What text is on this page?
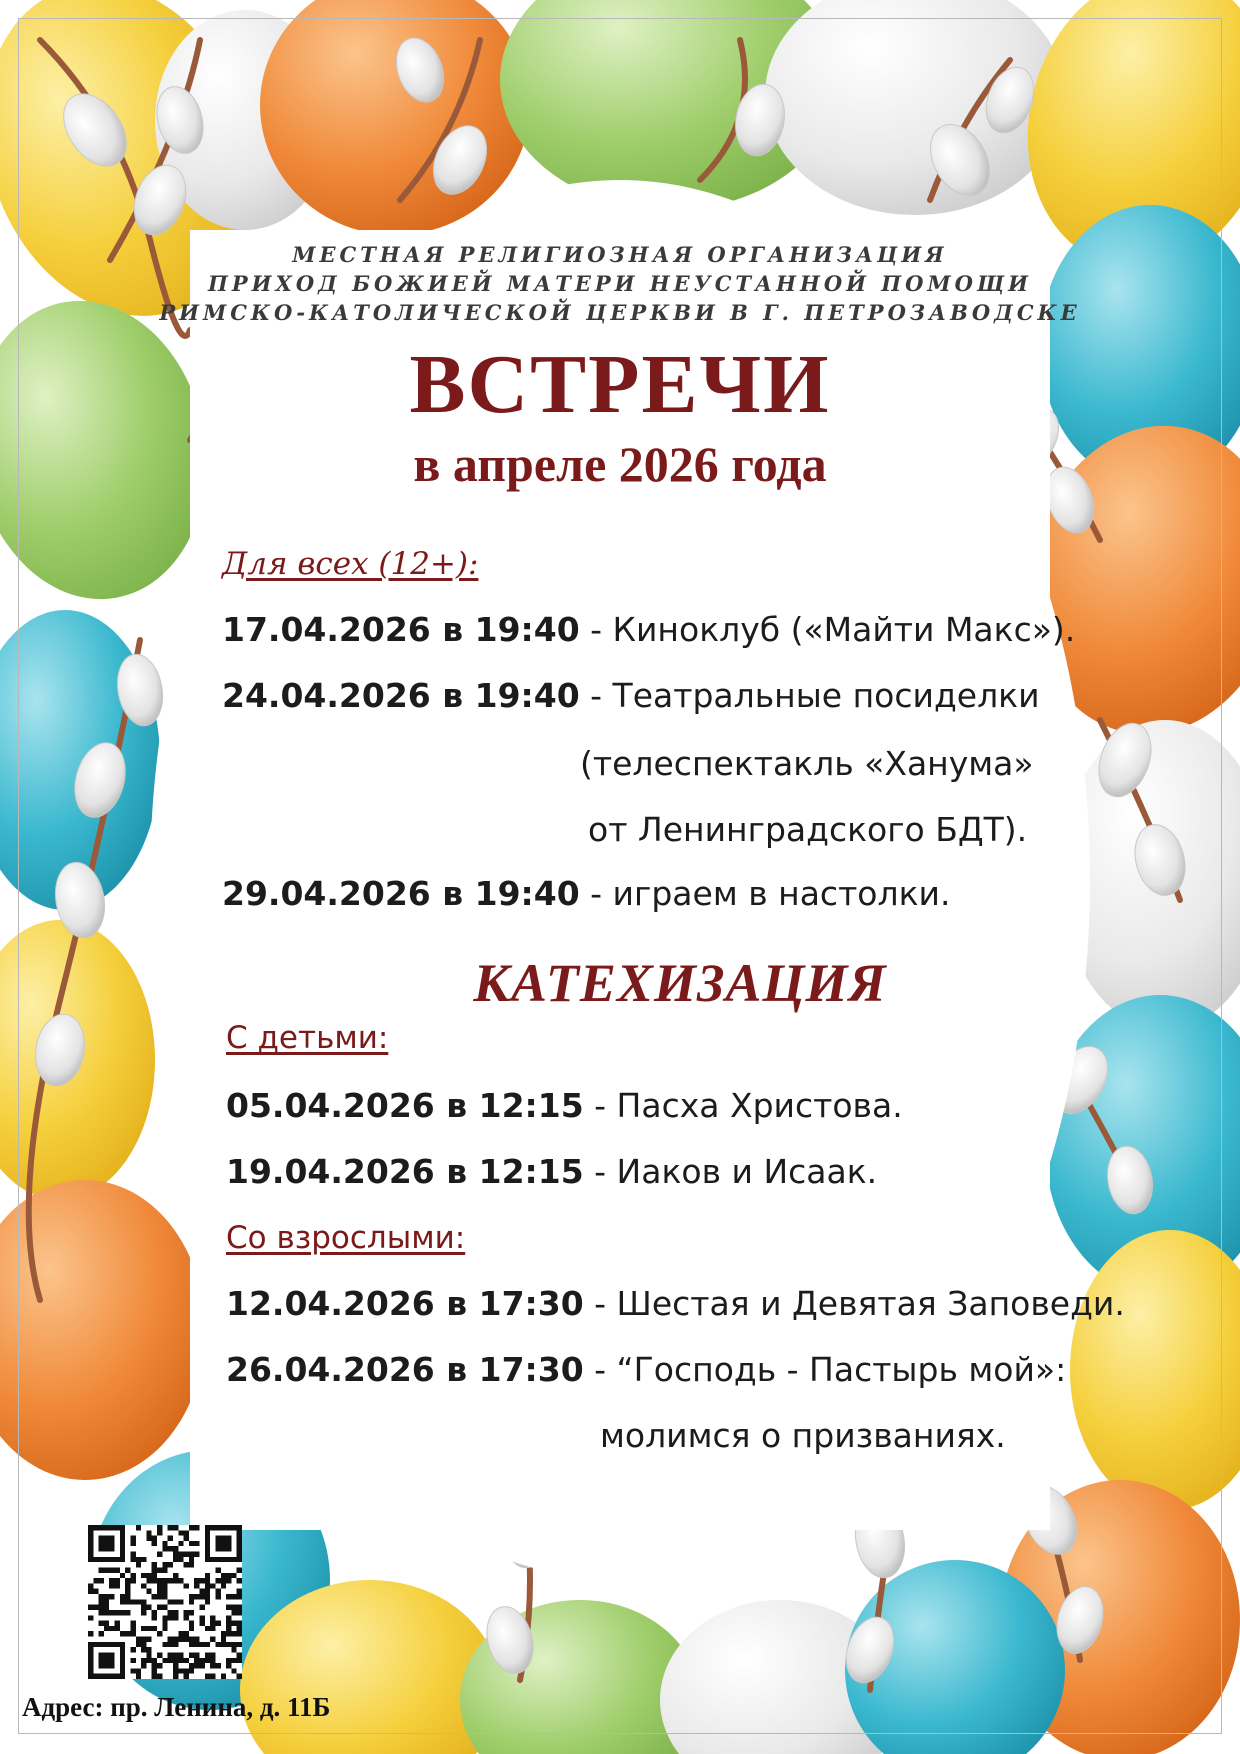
МЕСТНАЯ РЕЛИГИОЗНАЯ ОРГАНИЗАЦИЯ

ПРИХОД БОЖИЕЙ МАТЕРИ НЕУСТАННОЙ ПОМОЩИ

РИМСКО-КАТОЛИЧЕСКОЙ ЦЕРКВИ В Г. ПЕТРОЗАВОДСКЕ

ВСТРЕЧИ
в апреле 2026 года

Для всех (12+):

17.04.2026 в 19:40 - Киноклуб («Майти Макс»).

24.04.2026 в 19:40 - Театральные посиделки

(телеспектакль «Ханума»

от Ленинградского БДТ).

29.04.2026 в 19:40 - играем в настолки.

КАТЕХИЗАЦИЯ

С детьми:

05.04.2026 в 12:15 - Пасха Христова.

19.04.2026 в 12:15 - Иаков и Исаак.

Со взрослыми:

12.04.2026 в 17:30 - Шестая и Девятая Заповеди.

26.04.2026 в 17:30 - “Господь - Пастырь мой»:

молимся о призваниях.

Адрес: пр. Ленина, д. 11Б
